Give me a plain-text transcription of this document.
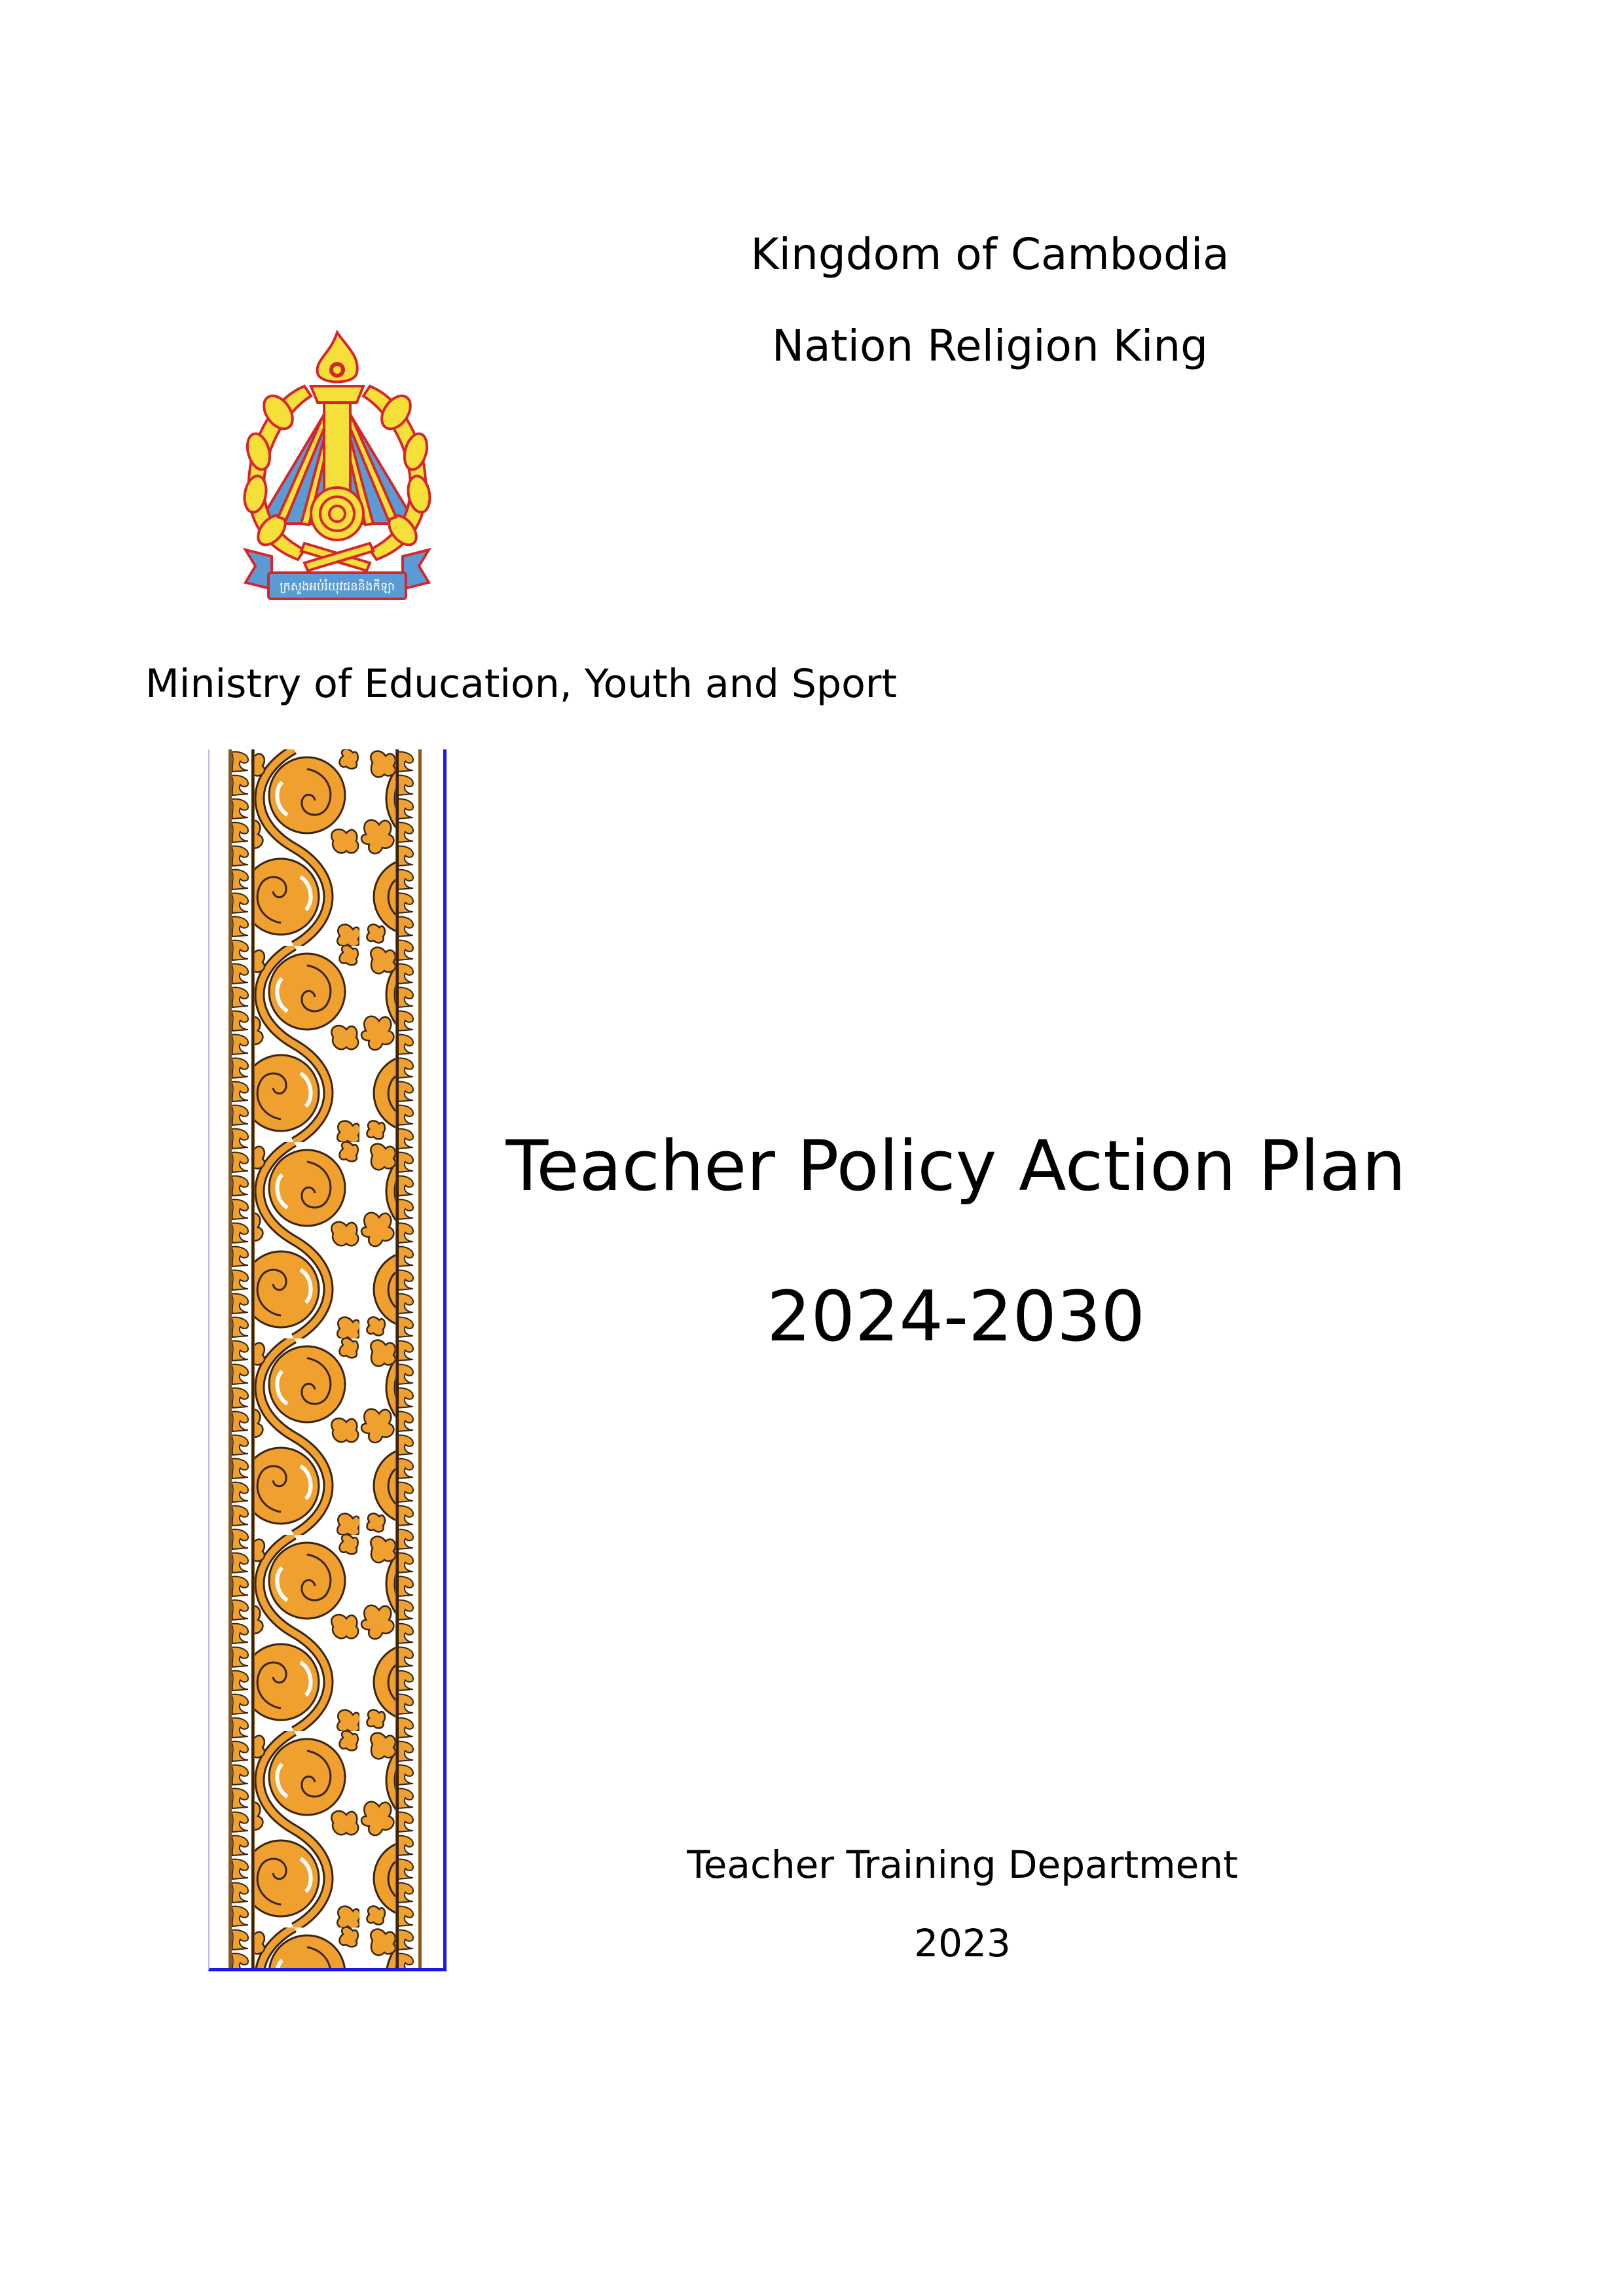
Kingdom of Cambodia
Nation Religion King
ក្រសួងអប់រំយុវជននិងកីឡា
Ministry of Education, Youth and Sport
Teacher Policy Action Plan
2024-2030
Teacher Training Department
2023
